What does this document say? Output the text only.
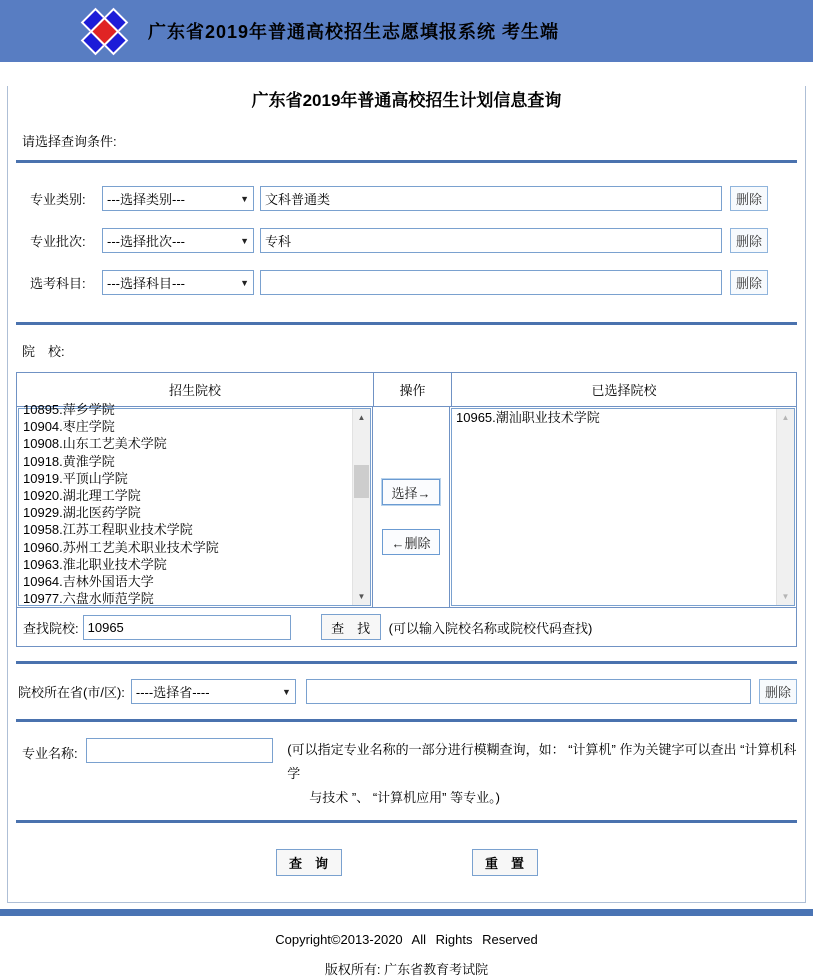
广东省2019年普通高校招生志愿填报系统 考生端
广东省2019年普通高校招生计划信息查询
请选择查询条件:
专业类别:	---选择类别---	▼
文科普通类	删除
专业批次:	---选择批次---	▼
专科	删除
选考科目:	---选择科目---	▼	删除
院　校:
招生院校	操作	已选择院校
10895.萍乡学院
10904.枣庄学院
10908.山东工艺美术学院
10918.黄淮学院
10919.平顶山学院
10920.湖北理工学院
10929.湖北医药学院
10958.江苏工程职业技术学院
10960.苏州工艺美术职业技术学院
10963.淮北职业技术学院
10964.吉林外国语大学
10977.六盘水师范学院
▲
▼
选择→
←删除
10965.潮汕职业技术学院	▲
▼
查找院校:
10965	查　找	(可以输入院校名称或院校代码查找)
院校所在省(市/区): ----选择省----	▼	删除
专业名称:	(可以指定专业名称的一部分进行模糊查询，如： “计算机” 作为关键字可以查出 “计算机科学
与技术 ”、 “计算机应用” 等专业。)
查　询	重　置
Copyright©2013-2020 All Rights Reserved
版权所有: 广东省教育考试院
